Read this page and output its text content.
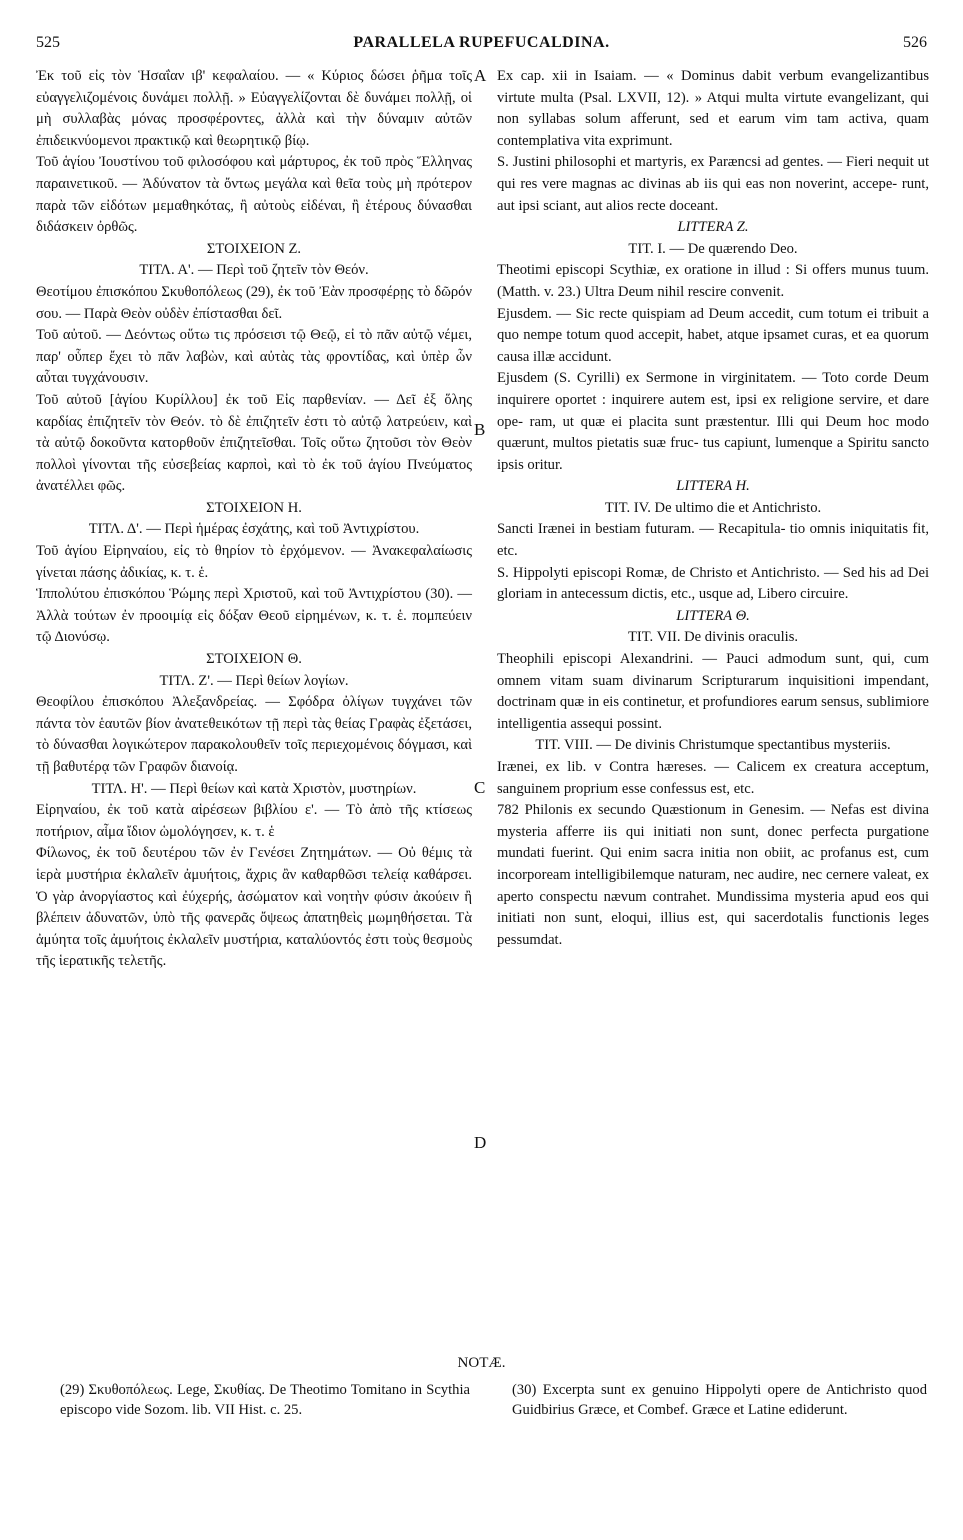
525	PARALLELA RUPEFUCALDINA.	526
A
B
C
D

Ἐκ τοῦ εἰς τὸν Ἡσαΐαν ιβ' κεφαλαίου. — « Κύριος δώσει ῥῆμα τοῖς εὐαγγελιζομένοις δυνάμει πολλῇ. » Εὐαγγελίζονται δὲ δυνάμει πολλῇ, οἱ μὴ συλλαβὰς μόνας προσφέροντες, ἀλλὰ καὶ τὴν δύναμιν αὐτῶν ἐπιδεικνύομενοι πρακτικῷ καὶ θεωρητικῷ βίῳ.

Τοῦ ἁγίου Ἰουστίνου τοῦ φιλοσόφου καὶ μάρτυρος, ἐκ τοῦ πρὸς Ἕλληνας παραινετικοῦ. — Ἀδύνατον τὰ ὄντως μεγάλα καὶ θεῖα τοὺς μὴ πρότερον παρὰ τῶν εἰδότων μεμαθηκότας, ἢ αὐτοὺς εἰδέναι, ἢ ἑτέρους δύνασθαι διδάσκειν ὀρθῶς.

ΣΤΟΙΧΕΙΟΝ Ζ.

ΤΙΤΛ. Α'. — Περὶ τοῦ ζητεῖν τὸν Θεόν.

Θεοτίμου ἐπισκόπου Σκυθοπόλεως (29), ἐκ τοῦ Ἐὰν προσφέρῃς τὸ δῶρόν σου. — Παρὰ Θεὸν οὐδὲν ἐπίστασθαι δεῖ.

Τοῦ αὐτοῦ. — Δεόντως οὕτω τις πρόσεισι τῷ Θεῷ, εἰ τὸ πᾶν αὐτῷ νέμει, παρ' οὗπερ ἔχει τὸ πᾶν λαβὼν, καὶ αὐτὰς τὰς φροντίδας, καὶ ὑπὲρ ὧν αὗται τυγχάνουσιν.

Τοῦ αὐτοῦ [ἁγίου Κυρίλλου] ἐκ τοῦ Εἰς παρθενίαν. — Δεῖ ἐξ ὅλης καρδίας ἐπιζητεῖν τὸν Θεόν. τὸ δὲ ἐπιζητεῖν ἐστι τὸ αὐτῷ λατρεύειν, καὶ τὰ αὐτῷ δοκοῦντα κατορθοῦν ἐπιζητεῖσθαι. Τοῖς οὕτω ζητοῦσι τὸν Θεὸν πολλοὶ γίνονται τῆς εὐσεβείας καρποὶ, καὶ τὸ ἐκ τοῦ ἁγίου Πνεύματος ἀνατέλλει φῶς.

ΣΤΟΙΧΕΙΟΝ Η.

ΤΙΤΛ. Δ'. — Περὶ ἡμέρας ἐσχάτης, καὶ τοῦ Ἀντιχρίστου.

Τοῦ ἁγίου Εἰρηναίου, εἰς τὸ θηρίον τὸ ἐρχόμενον. — Ἀνακεφαλαίωσις γίνεται πάσης ἀδικίας, κ. τ. ἑ.

Ἱππολύτου ἐπισκόπου Ῥώμης περὶ Χριστοῦ, καὶ τοῦ Ἀντιχρίστου (30). — Ἀλλὰ τούτων ἐν προοιμίᾳ εἰς δόξαν Θεοῦ εἰρημένων, κ. τ. ἑ. πομπεύειν τῷ Διονύσῳ.

ΣΤΟΙΧΕΙΟΝ Θ.

ΤΙΤΛ. Ζ'. — Περὶ θείων λογίων.

Θεοφίλου ἐπισκόπου Ἀλεξανδρείας. — Σφόδρα ὀλίγων τυγχάνει τῶν πάντα τὸν ἑαυτῶν βίον ἀνατεθεικότων τῇ περὶ τὰς θείας Γραφὰς ἐξετάσει, τὸ δύνασθαι λογικώτερον παρακολουθεῖν τοῖς περιεχομένοις δόγμασι, καὶ τῇ βαθυτέρᾳ τῶν Γραφῶν διανοίᾳ.

ΤΙΤΛ. Η'. — Περὶ θείων καὶ κατὰ Χριστὸν, μυστηρίων.

Εἰρηναίου, ἐκ τοῦ κατὰ αἱρέσεων βιβλίου ε'. — Τὸ ἀπὸ τῆς κτίσεως ποτήριον, αἷμα ἴδιον ὡμολόγησεν, κ. τ. ἑ

Φίλωνος, ἐκ τοῦ δευτέρου τῶν ἐν Γενέσει Ζητημάτων. — Οὐ θέμις τὰ ἱερὰ μυστήρια ἐκλαλεῖν ἀμυήτοις, ἄχρις ἂν καθαρθῶσι τελείᾳ καθάρσει. Ὁ γὰρ ἀνοργίαστος καὶ ἐύχερής, ἀσώματον καὶ νοητὴν φύσιν ἀκούειν ἢ βλέπειν ἀδυνατῶν, ὑπὸ τῆς φανερᾶς ὄψεως ἀπατηθεὶς μωμηθήσεται. Τὰ ἀμύητα τοῖς ἀμυήτοις ἐκλαλεῖν μυστήρια, καταλύοντός ἐστι τοὺς θεσμοὺς τῆς ἱερατικῆς τελετῆς.

Ex cap. xii in Isaiam. — « Dominus dabit verbum evangelizantibus virtute multa (Psal. LXVII, 12). » Atqui multa virtute evangelizant, qui non syllabas solum afferunt, sed et earum vim tam activa, quam contemplativa vita exprimunt.

S. Justini philosophi et martyris, ex Paræncsi ad gentes. — Fieri nequit ut qui res vere magnas ac divinas ab iis qui eas non noverint, accepe- runt, aut ipsi sciant, aut alios recte doceant.

LITTERA Z.

TIT. I. — De quærendo Deo.

Theotimi episcopi Scythiæ, ex oratione in illud : Si offers munus tuum. (Matth. v. 23.) Ultra Deum nihil rescire convenit.

Ejusdem. — Sic recte quispiam ad Deum accedit, cum totum ei tribuit a quo nempe totum quod accepit, habet, atque ipsamet curas, et ea quorum causa illæ accidunt.

Ejusdem (S. Cyrilli) ex Sermone in virginitatem. — Toto corde Deum inquirere oportet : inquirere autem est, ipsi ex religione servire, et dare ope- ram, ut quæ ei placita sunt præstentur. Illi qui Deum hoc modo quærunt, multos pietatis suæ fruc- tus capiunt, lumenque a Spiritu sancto ipsis oritur.

LITTERA H.

TIT. IV. De ultimo die et Antichristo.

Sancti Irænei in bestiam futuram. — Recapitula- tio omnis iniquitatis fit, etc.

S. Hippolyti episcopi Romæ, de Christo et Antichristo. — Sed his ad Dei gloriam in antecessum dictis, etc., usque ad, Libero circuire.

LITTERA Θ.

TIT. VII. De divinis oraculis.

Theophili episcopi Alexandrini. — Pauci admodum sunt, qui, cum omnem vitam suam divinarum Scripturarum inquisitioni impendant, doctrinam quæ in eis continetur, et profundiores earum sensus, sublimiore intelligentia assequi possint.

TIT. VIII. — De divinis Christumque spectantibus mysteriis.

Irænei, ex lib. v Contra hæreses. — Calicem ex creatura acceptum, sanguinem proprium esse confessus est, etc.

782 Philonis ex secundo Quæstionum in Genesim. — Nefas est divina mysteria afferre iis qui initiati non sunt, donec perfecta purgatione mundati fuerint. Qui enim sacra initia non obiit, ac profanus est, cum incorpoream intelligibilemque naturam, nec audire, nec cernere valeat, ex aperto conspectu nævum contrahet. Mundissima mysteria apud eos qui initiati non sunt, eloqui, illius est, qui sacerdotalis functionis leges pessumdat.

NOTÆ.
(29) Σκυθοπόλεως. Lege, Σκυθίας. De Theotimo Tomitano in Scythia episcopo vide Sozom. lib. VII Hist. c. 25.
(30) Excerpta sunt ex genuino Hippolyti opere de Antichristo quod Guidbirius Græce, et Combef. Græce et Latine ediderunt.
